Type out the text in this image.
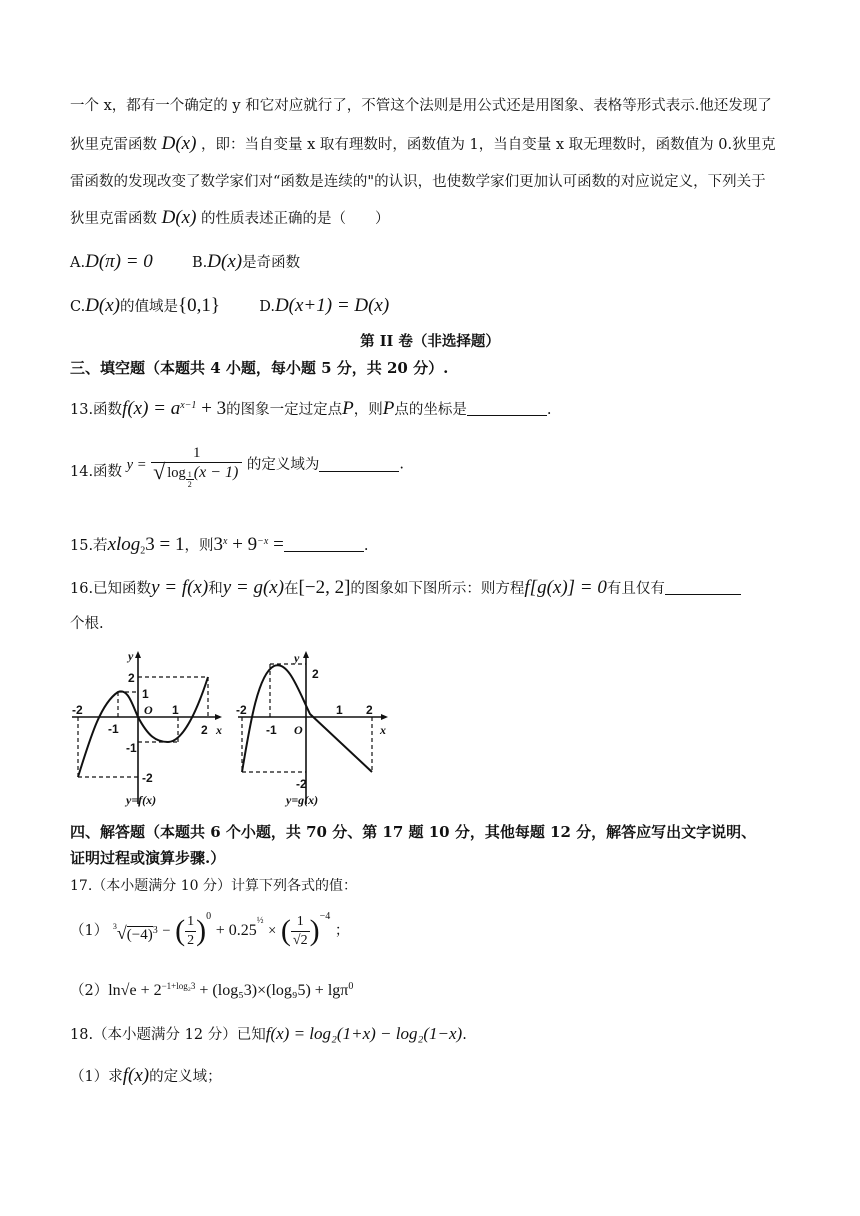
一个 x，都有一个确定的 y 和它对应就行了，不管这个法则是用公式还是用图象、表格等形式表示.他还发现了
狄里克雷函数 D(x) ，即：当自变量 x 取有理数时，函数值为 1，当自变量 x 取无理数时，函数值为 0.狄里克
雷函数的发现改变了数学家们对“函数是连续的"的认识，也使数学家们更加认可函数的对应说定义，下列关于
狄里克雷函数 D(x) 的性质表述正确的是（　　）
A.D(π) = 0	B.D(x)是奇函数
C.D(x)的值域是{0,1}	D.D(x+1) = D(x)
第 II 卷（非选择题）
三、填空题（本题共 4 小题，每小题 5 分，共 20 分）.
13.函数$f(x) = a^{x-1} + 3$的图象一定过定点P，则P点的坐标是	.
14.函数 $y = \frac{1}{√ \log \frac{1}{2} (x - 1)}$ 的定义域为	.
15.若xlog$_2$3 = 1，则$3^x + 9^{-x}$ =	.
16.已知函数y = f(x)和y = g(x)在[−2, 2]的图象如下图所示：则方程f[g(x)] = 0有且仅有
个根.
-2
-1
1
2
2
1
-1
-2
O
y
x
y=f(x)
-2
-1
1 2
2
-2
O
y
x
y=g(x)
四、解答题（本题共 6 个小题，共 70 分、第 17 题 10 分，其他每题 12 分，解答应写出文字说明、
证明过程或演算步骤.）
17.（本小题满分 10 分）计算下列各式的值：
（1） $^3√(-4)^3$ − ( $\frac{1}{2} )^0 + 0.25^{\frac{1}{2}}$ × ( $\frac{1}{√2} )^{-4}$ ；
$(2)\ln√e + 2^{-1+log_23} + (\log_53)\times(\log_95) + \lg\pi^0$
18.（本小题满分 12 分）已知f(x) = log₂(1+x) − log₂(1−x).
（1）求f(x)的定义域；
